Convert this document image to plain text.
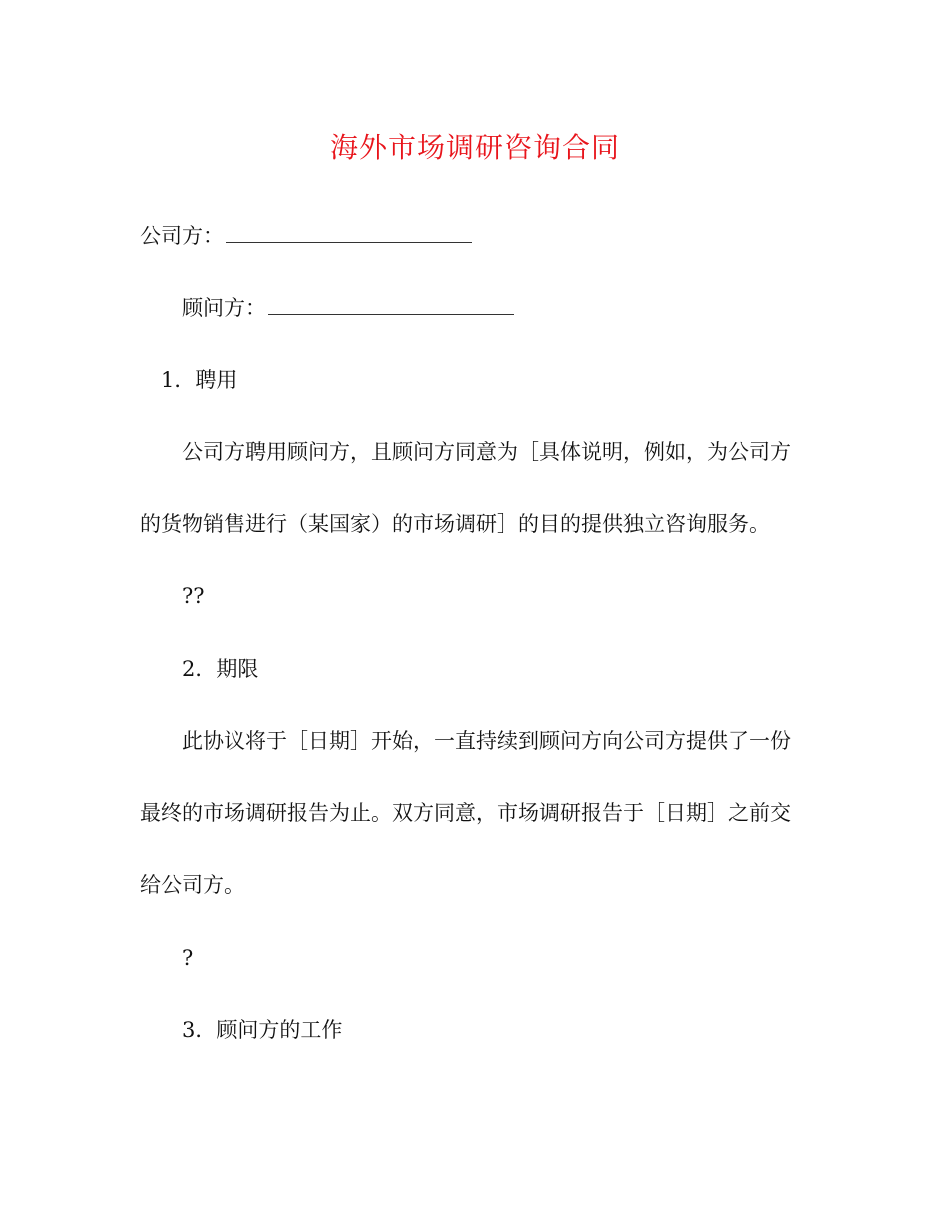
海外市场调研咨询合同
公司方：
顾问方：
1．聘用
公司方聘用顾问方，且顾问方同意为［具体说明，例如，为公司方
的货物销售进行（某国家）的市场调研］的目的提供独立咨询服务。
??
2．期限
此协议将于［日期］开始，一直持续到顾问方向公司方提供了一份
最终的市场调研报告为止。双方同意，市场调研报告于［日期］之前交
给公司方。
?
3．顾问方的工作
